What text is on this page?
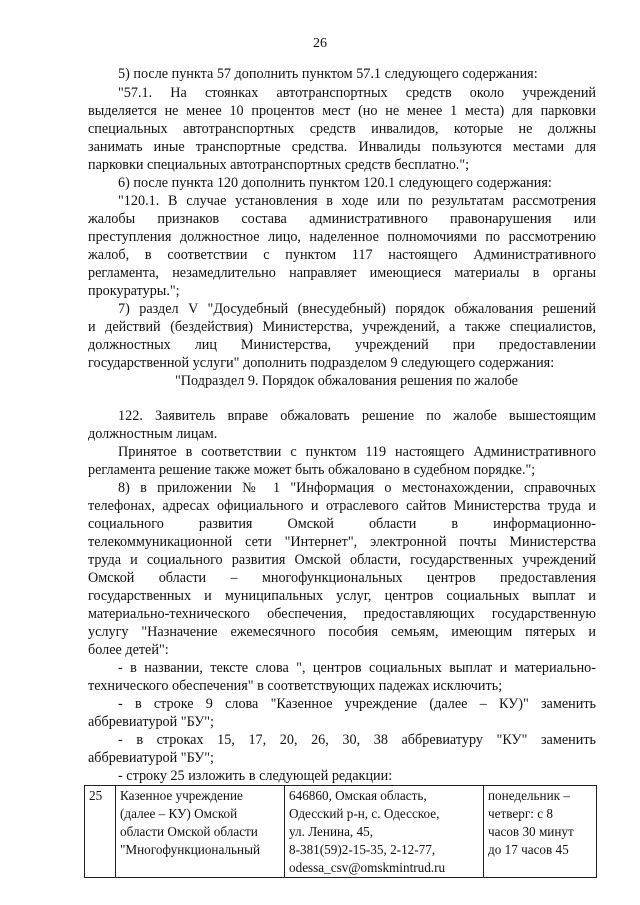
26
5) после пункта 57 дополнить пунктом 57.1 следующего содержания:
"57.1. На стоянках автотранспортных средств около учреждений
выделяется не менее 10 процентов мест (но не менее 1 места) для парковки
специальных автотранспортных средств инвалидов, которые не должны
занимать иные транспортные средства. Инвалиды пользуются местами для
парковки специальных автотранспортных средств бесплатно.";
6) после пункта 120 дополнить пунктом 120.1 следующего содержания:
"120.1. В случае установления в ходе или по результатам рассмотрения
жалобы признаков состава административного правонарушения или
преступления должностное лицо, наделенное полномочиями по рассмотрению
жалоб, в соответствии с пунктом 117 настоящего Административного
регламента, незамедлительно направляет имеющиеся материалы в органы
прокуратуры.";
7) раздел V "Досудебный (внесудебный) порядок обжалования решений
и действий (бездействия) Министерства, учреждений, а также специалистов,
должностных лиц Министерства, учреждений при предоставлении
государственной услуги" дополнить подразделом 9 следующего содержания:
"Подраздел 9. Порядок обжалования решения по жалобе
122. Заявитель вправе обжаловать решение по жалобе вышестоящим
должностным лицам.
Принятое в соответствии с пунктом 119 настоящего Административного
регламента решение также может быть обжаловано в судебном порядке.";
8) в приложении № 1 "Информация о местонахождении, справочных
телефонах, адресах официального и отраслевого сайтов Министерства труда и
социального развития Омской области в информационно-
телекоммуникационной сети "Интернет", электронной почты Министерства
труда и социального развития Омской области, государственных учреждений
Омской области – многофункциональных центров предоставления
государственных и муниципальных услуг, центров социальных выплат и
материально-технического обеспечения, предоставляющих государственную
услугу "Назначение ежемесячного пособия семьям, имеющим пятерых и
более детей":
- в названии, тексте слова ", центров социальных выплат и материально-
технического обеспечения" в соответствующих падежах исключить;
- в строке 9 слова "Казенное учреждение (далее – КУ)" заменить
аббревиатурой "БУ";
- в строках 15, 17, 20, 26, 30, 38 аббревиатуру "КУ" заменить
аббревиатурой "БУ";
- строку 25 изложить в следующей редакции:
25	Казенное учреждение
(далее – КУ) Омской
области Омской области
"Многофункциональный

646860, Омская область,
Одесский р-н, с. Одесское,
ул. Ленина, 45,
8-381(59)2-15-35, 2-12-77,
odessa_csv@omskmintrud.ru

понедельник –
четверг: с 8
часов 30 минут
до 17 часов 45
